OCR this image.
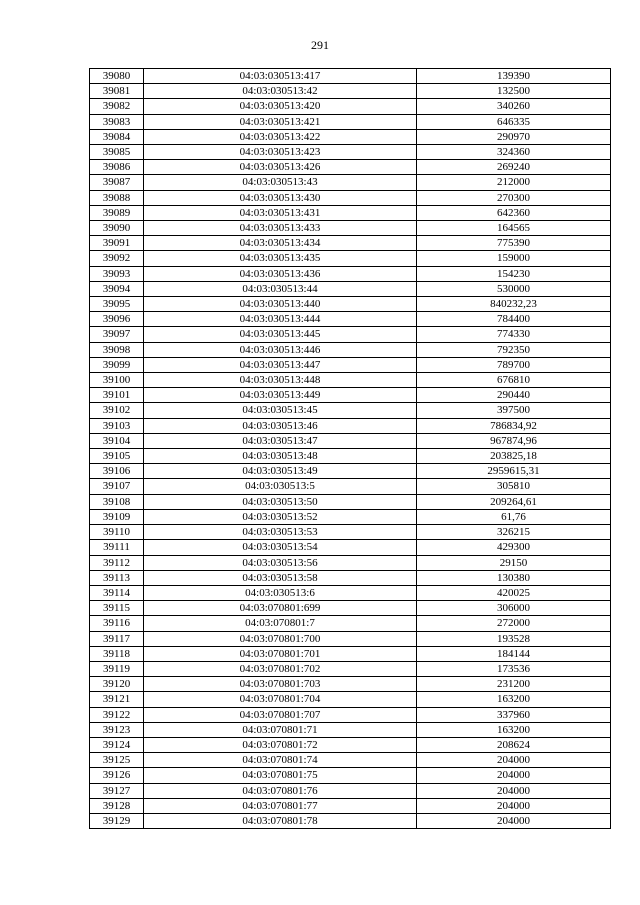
291
39080	04:03:030513:417	139390
39081	04:03:030513:42	132500
39082	04:03:030513:420	340260
39083	04:03:030513:421	646335
39084	04:03:030513:422	290970
39085	04:03:030513:423	324360
39086	04:03:030513:426	269240
39087	04:03:030513:43	212000
39088	04:03:030513:430	270300
39089	04:03:030513:431	642360
39090	04:03:030513:433	164565
39091	04:03:030513:434	775390
39092	04:03:030513:435	159000
39093	04:03:030513:436	154230
39094	04:03:030513:44	530000
39095	04:03:030513:440	840232,23
39096	04:03:030513:444	784400
39097	04:03:030513:445	774330
39098	04:03:030513:446	792350
39099	04:03:030513:447	789700
39100	04:03:030513:448	676810
39101	04:03:030513:449	290440
39102	04:03:030513:45	397500
39103	04:03:030513:46	786834,92
39104	04:03:030513:47	967874,96
39105	04:03:030513:48	203825,18
39106	04:03:030513:49	2959615,31
39107	04:03:030513:5	305810
39108	04:03:030513:50	209264,61
39109	04:03:030513:52	61,76
39110	04:03:030513:53	326215
39111	04:03:030513:54	429300
39112	04:03:030513:56	29150
39113	04:03:030513:58	130380
39114	04:03:030513:6	420025
39115	04:03:070801:699	306000
39116	04:03:070801:7	272000
39117	04:03:070801:700	193528
39118	04:03:070801:701	184144
39119	04:03:070801:702	173536
39120	04:03:070801:703	231200
39121	04:03:070801:704	163200
39122	04:03:070801:707	337960
39123	04:03:070801:71	163200
39124	04:03:070801:72	208624
39125	04:03:070801:74	204000
39126	04:03:070801:75	204000
39127	04:03:070801:76	204000
39128	04:03:070801:77	204000
39129	04:03:070801:78	204000
